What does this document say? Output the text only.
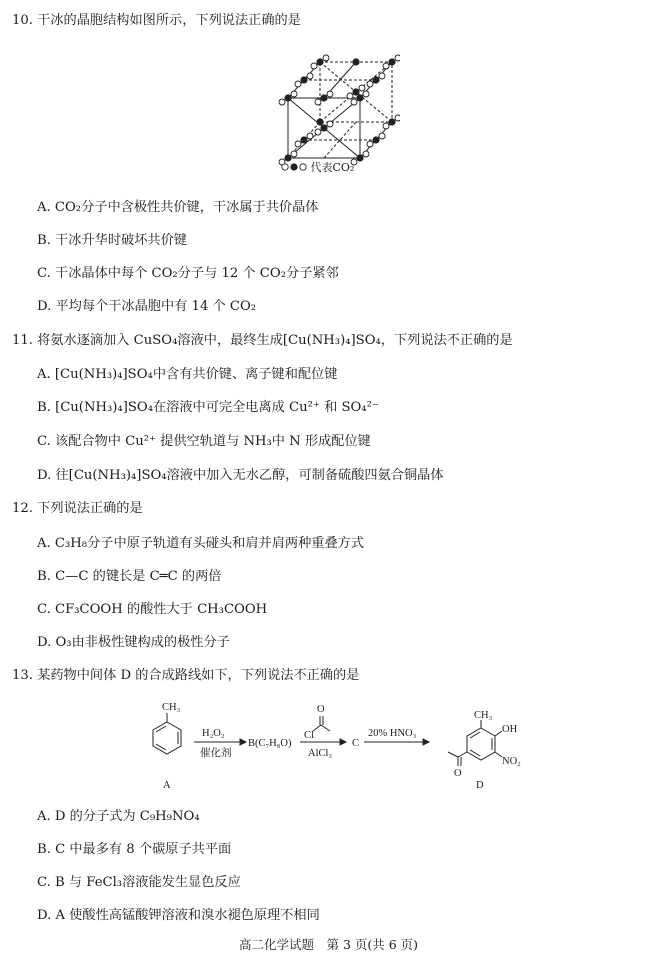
10. 干冰的晶胞结构如图所示，下列说法正确的是
代表CO₂
A. CO₂分子中含极性共价键，干冰属于共价晶体
B. 干冰升华时破坏共价键
C. 干冰晶体中每个 CO₂分子与 12 个 CO₂分子紧邻
D. 平均每个干冰晶胞中有 14 个 CO₂
11. 将氨水逐滴加入 CuSO₄溶液中，最终生成[Cu(NH₃)₄]SO₄，下列说法不正确的是
A. [Cu(NH₃)₄]SO₄中含有共价键、离子键和配位键
B. [Cu(NH₃)₄]SO₄在溶液中可完全电离成 Cu²⁺ 和 SO₄²⁻
C. 该配合物中 Cu²⁺ 提供空轨道与 NH₃中 N 形成配位键
D. 往[Cu(NH₃)₄]SO₄溶液中加入无水乙醇，可制备硫酸四氨合铜晶体
12. 下列说法正确的是
A. C₃H₈分子中原子轨道有头碰头和肩并肩两种重叠方式
B. C—C 的键长是 C═C 的两倍
C. CF₃COOH 的酸性大于 CH₃COOH
D. O₃由非极性键构成的极性分子
13. 某药物中间体 D 的合成路线如下，下列说法不正确的是
CH₃
H₂O₂
催化剂
B(C₇H₈O)
O
Cl
AlCl₃
C
20% HNO₃
CH₃
OH
NO₂
O
A	D
A. D 的分子式为 C₉H₉NO₄
B. C 中最多有 8 个碳原子共平面
C. B 与 FeCl₃溶液能发生显色反应
D. A 使酸性高锰酸钾溶液和溴水褪色原理不相同
高二化学试题　第 3 页(共 6 页)
